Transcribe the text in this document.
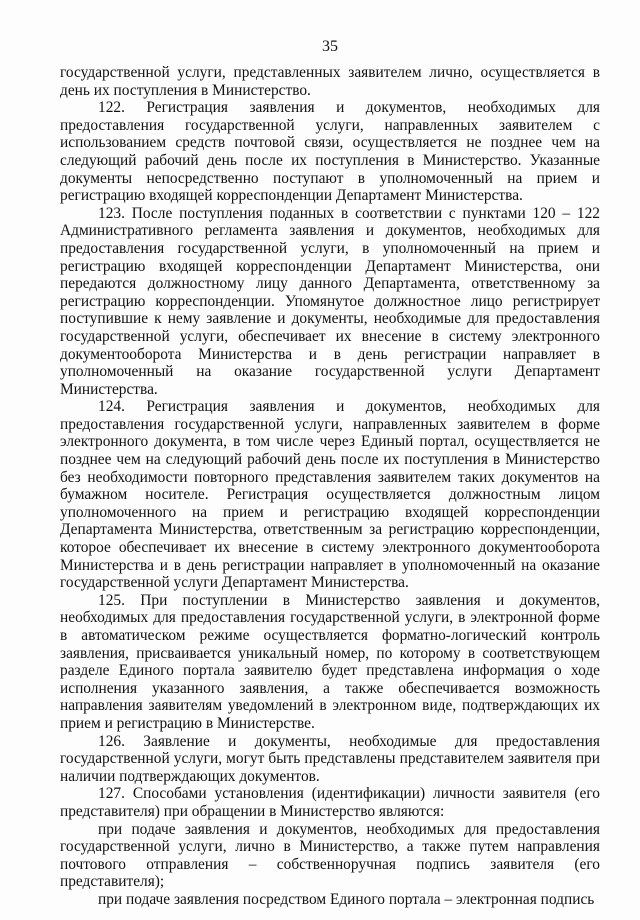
35

государственной услуги, представленных заявителем лично, осуществляется в день их поступления в Министерство.

122. Регистрация заявления и документов, необходимых для предоставления государственной услуги, направленных заявителем с использованием средств почтовой связи, осуществляется не позднее чем на следующий рабочий день после их поступления в Министерство. Указанные документы непосредственно поступают в уполномоченный на прием и регистрацию входящей корреспонденции Департамент Министерства.

123. После поступления поданных в соответствии с пунктами 120 – 122 Административного регламента заявления и документов, необходимых для предоставления государственной услуги, в уполномоченный на прием и регистрацию входящей корреспонденции Департамент Министерства, они передаются должностному лицу данного Департамента, ответственному за регистрацию корреспонденции. Упомянутое должностное лицо регистрирует поступившие к нему заявление и документы, необходимые для предоставления государственной услуги, обеспечивает их внесение в систему электронного документооборота Министерства и в день регистрации направляет в уполномоченный на оказание государственной услуги Департамент Министерства.

124. Регистрация заявления и документов, необходимых для предоставления государственной услуги, направленных заявителем в форме электронного документа, в том числе через Единый портал, осуществляется не позднее чем на следующий рабочий день после их поступления в Министерство без необходимости повторного представления заявителем таких документов на бумажном носителе. Регистрация осуществляется должностным лицом уполномоченного на прием и регистрацию входящей корреспонденции Департамента Министерства, ответственным за регистрацию корреспонденции, которое обеспечивает их внесение в систему электронного документооборота Министерства и в день регистрации направляет в уполномоченный на оказание государственной услуги Департамент Министерства.

125. При поступлении в Министерство заявления и документов, необходимых для предоставления государственной услуги, в электронной форме в автоматическом режиме осуществляется форматно-логический контроль заявления, присваивается уникальный номер, по которому в соответствующем разделе Единого портала заявителю будет представлена информация о ходе исполнения указанного заявления, а также обеспечивается возможность направления заявителям уведомлений в электронном виде, подтверждающих их прием и регистрацию в Министерстве.

126. Заявление и документы, необходимые для предоставления государственной услуги, могут быть представлены представителем заявителя при наличии подтверждающих документов.

127. Способами установления (идентификации) личности заявителя (его представителя) при обращении в Министерство являются:

при подаче заявления и документов, необходимых для предоставления государственной услуги, лично в Министерство, а также путем направления почтового отправления – собственноручная подпись заявителя (его представителя);

при подаче заявления посредством Единого портала – электронная подпись
